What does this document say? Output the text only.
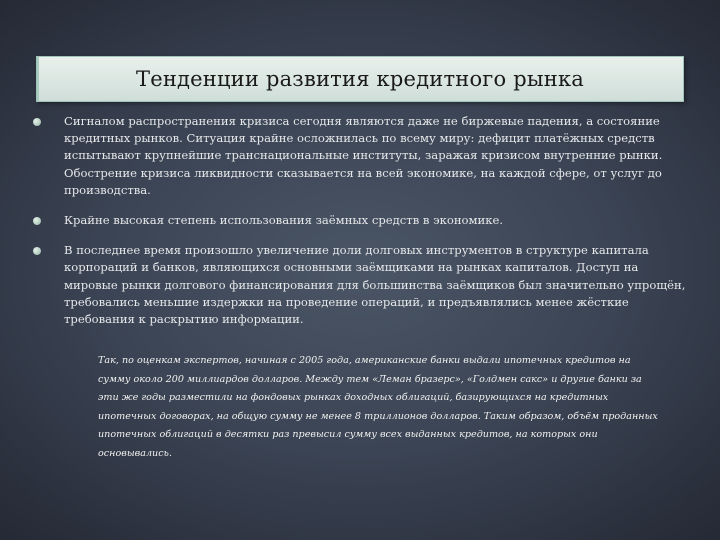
Тенденции развития кредитного рынка
Сигналом распространения кризиса сегодня являются даже не биржевые падения, а состояние кредитных рынков. Ситуация крайне осложнилась по всему миру: дефицит платёжных средств испытывают крупнейшие транснациональные институты, заражая кризисом внутренние рынки. Обострение кризиса ликвидности сказывается на всей экономике, на каждой сфере, от услуг до производства.
Крайне высокая степень использования заёмных средств в экономике.
В последнее время произошло увеличение доли долговых инструментов в структуре капитала корпораций и банков, являющихся основными заёмщиками на рынках капиталов. Доступ на мировые рынки долгового финансирования для большинства заёмщиков был значительно упрощён, требовались меньшие издержки на проведение операций, и предъявлялись менее жёсткие требования к раскрытию информации.
Так, по оценкам экспертов, начиная с 2005 года, американские банки выдали ипотечных кредитов на сумму около 200 миллиардов долларов. Между тем «Леман бразерс», «Голдмен сакс» и другие банки за эти же годы разместили на фондовых рынках доходных облигаций, базирующихся на кредитных ипотечных договорах, на общую сумму не менее 8 триллионов долларов. Таким образом, объём проданных ипотечных облигаций в десятки раз превысил сумму всех выданных кредитов, на которых они основывались.
